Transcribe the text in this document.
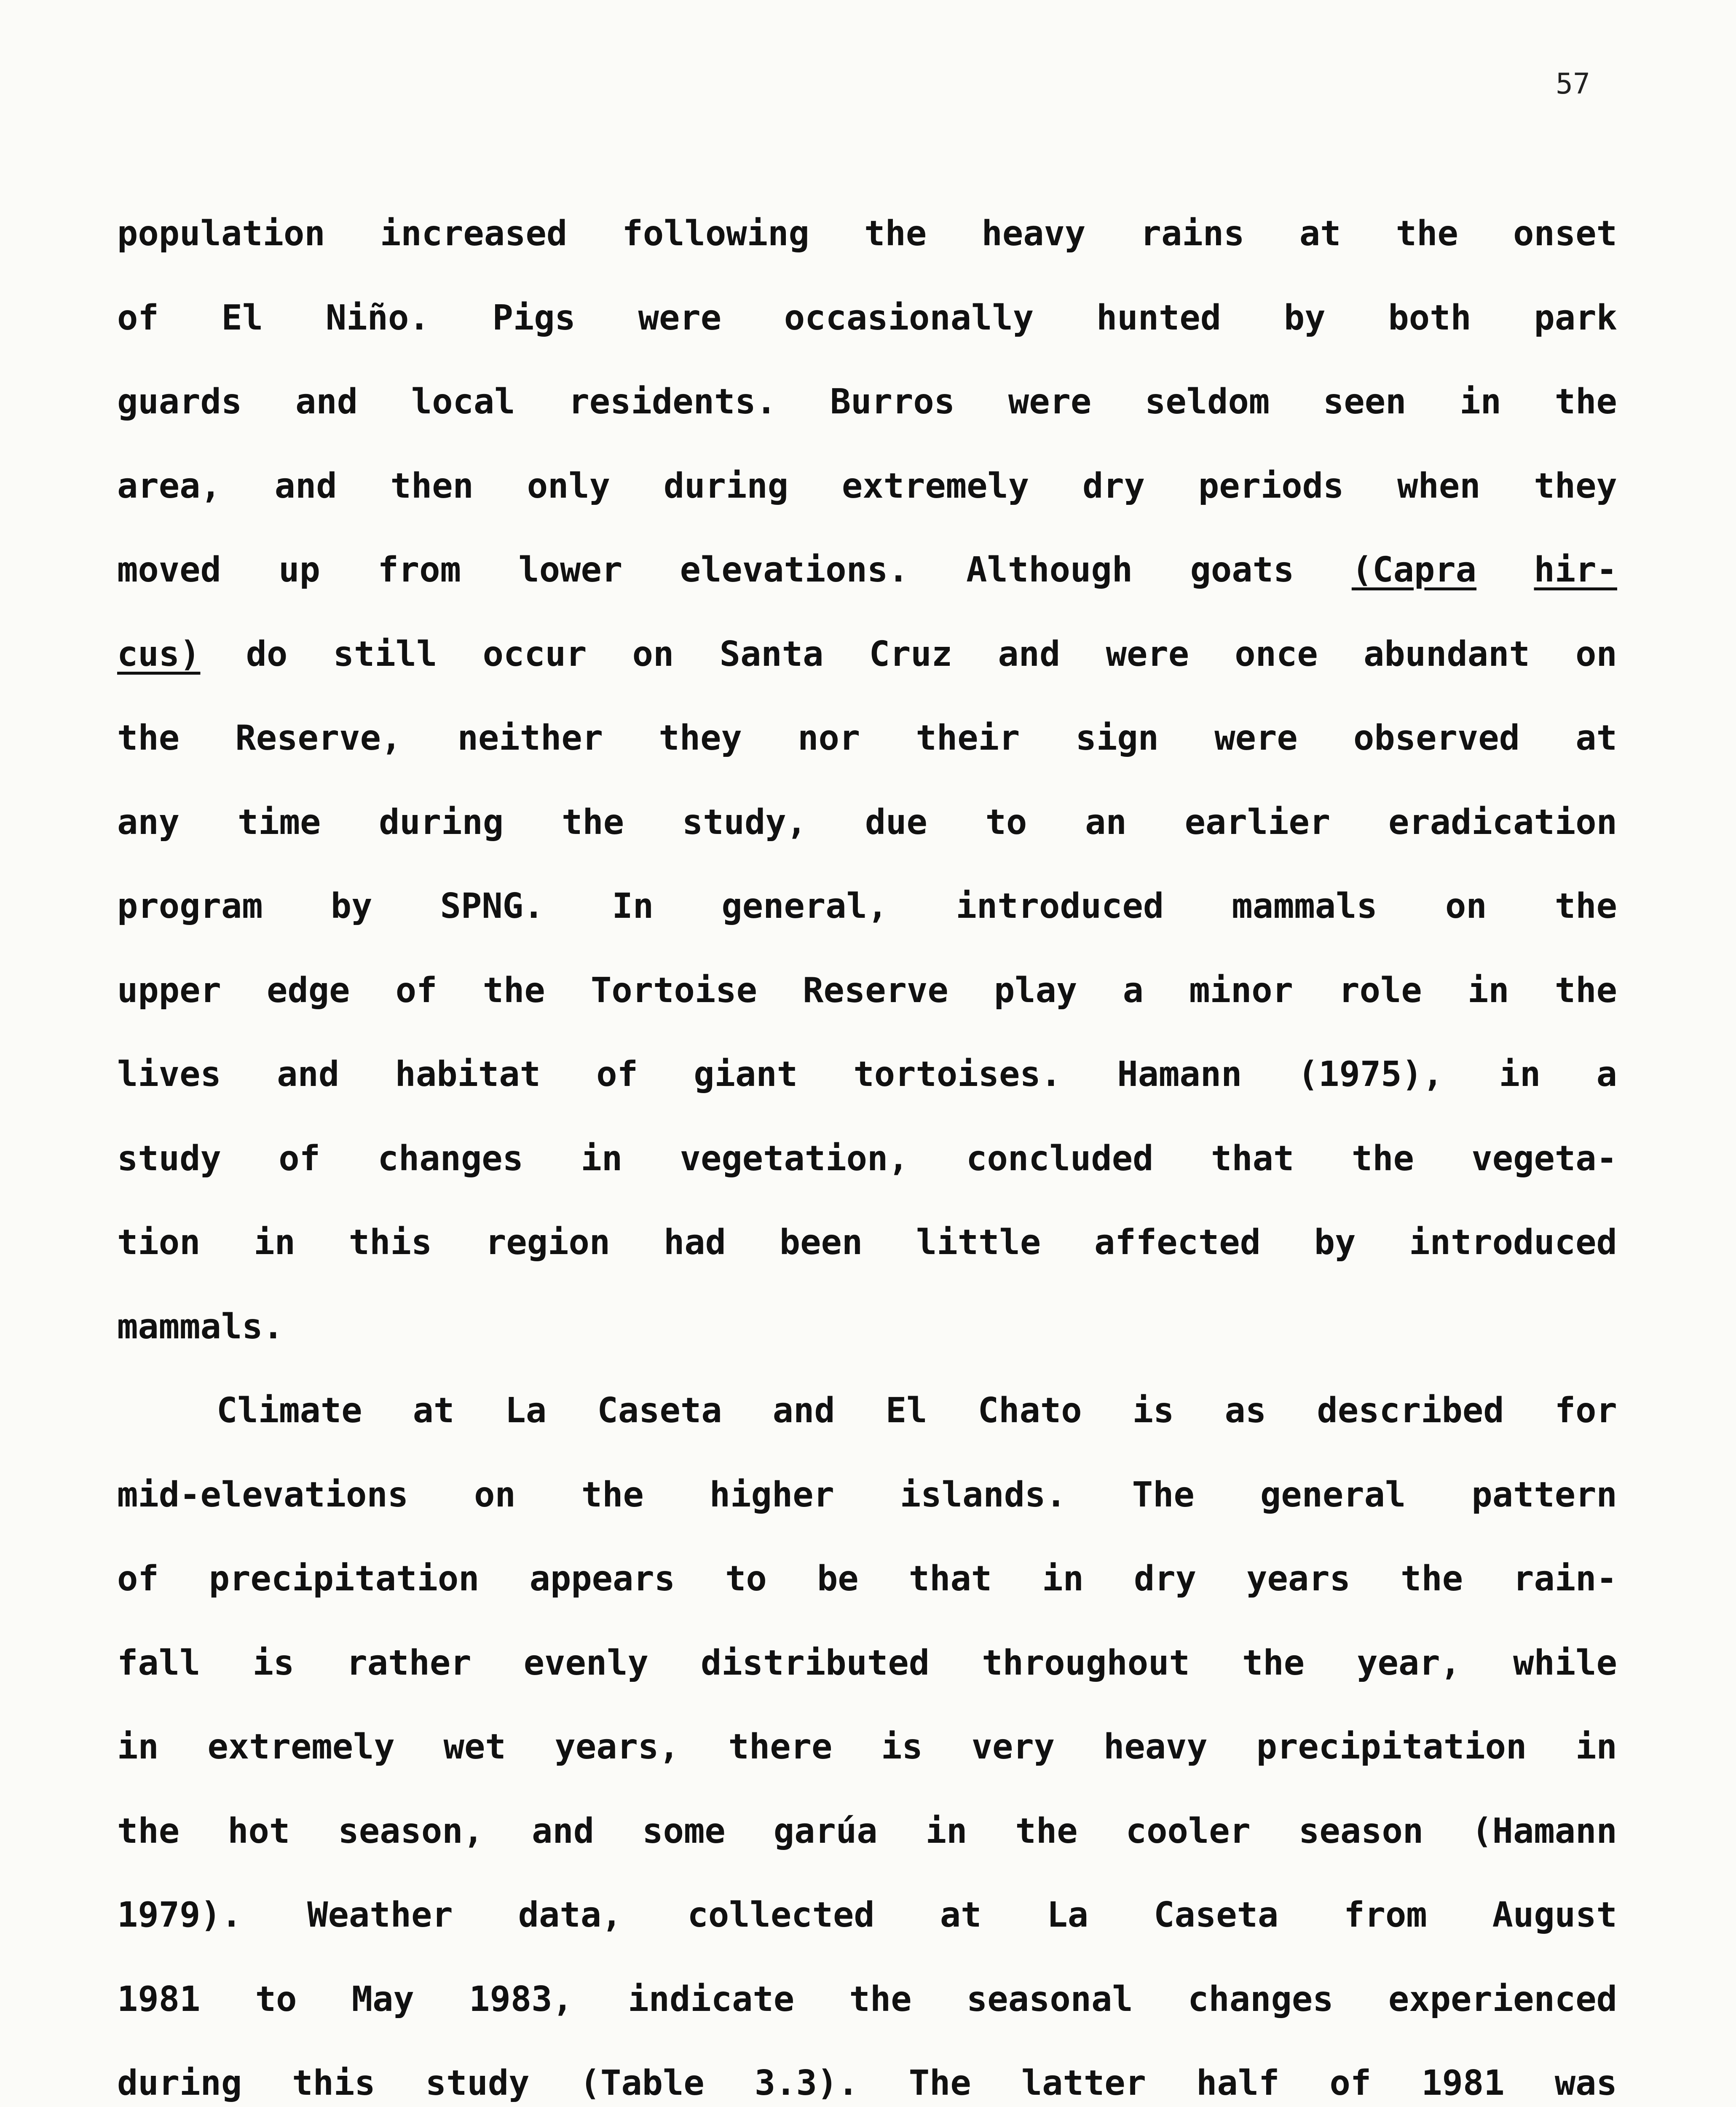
57
population increased following the heavy rains at the onset
of El Niño. Pigs were occasionally hunted by both park
guards and local residents. Burros were seldom seen in the
area, and then only during extremely dry periods when they
moved up from lower elevations. Although goats (Capra hir-
cus) do still occur on Santa Cruz and were once abundant on
the Reserve, neither they nor their sign were observed at
any time during the study, due to an earlier eradication
program by SPNG. In general, introduced mammals on the
upper edge of the Tortoise Reserve play a minor role in the
lives and habitat of giant tortoises. Hamann (1975), in a
study of changes in vegetation, concluded that the vegeta-
tion in this region had been little affected by introduced
mammals.
Climate at La Caseta and El Chato is as described for
mid-elevations on the higher islands. The general pattern
of precipitation appears to be that in dry years the rain-
fall is rather evenly distributed throughout the year, while
in extremely wet years, there is very heavy precipitation in
the hot season, and some garúa in the cooler season (Hamann
1979). Weather data, collected at La Caseta from August
1981 to May 1983, indicate the seasonal changes experienced
during this study (Table 3.3). The latter half of 1981 was
